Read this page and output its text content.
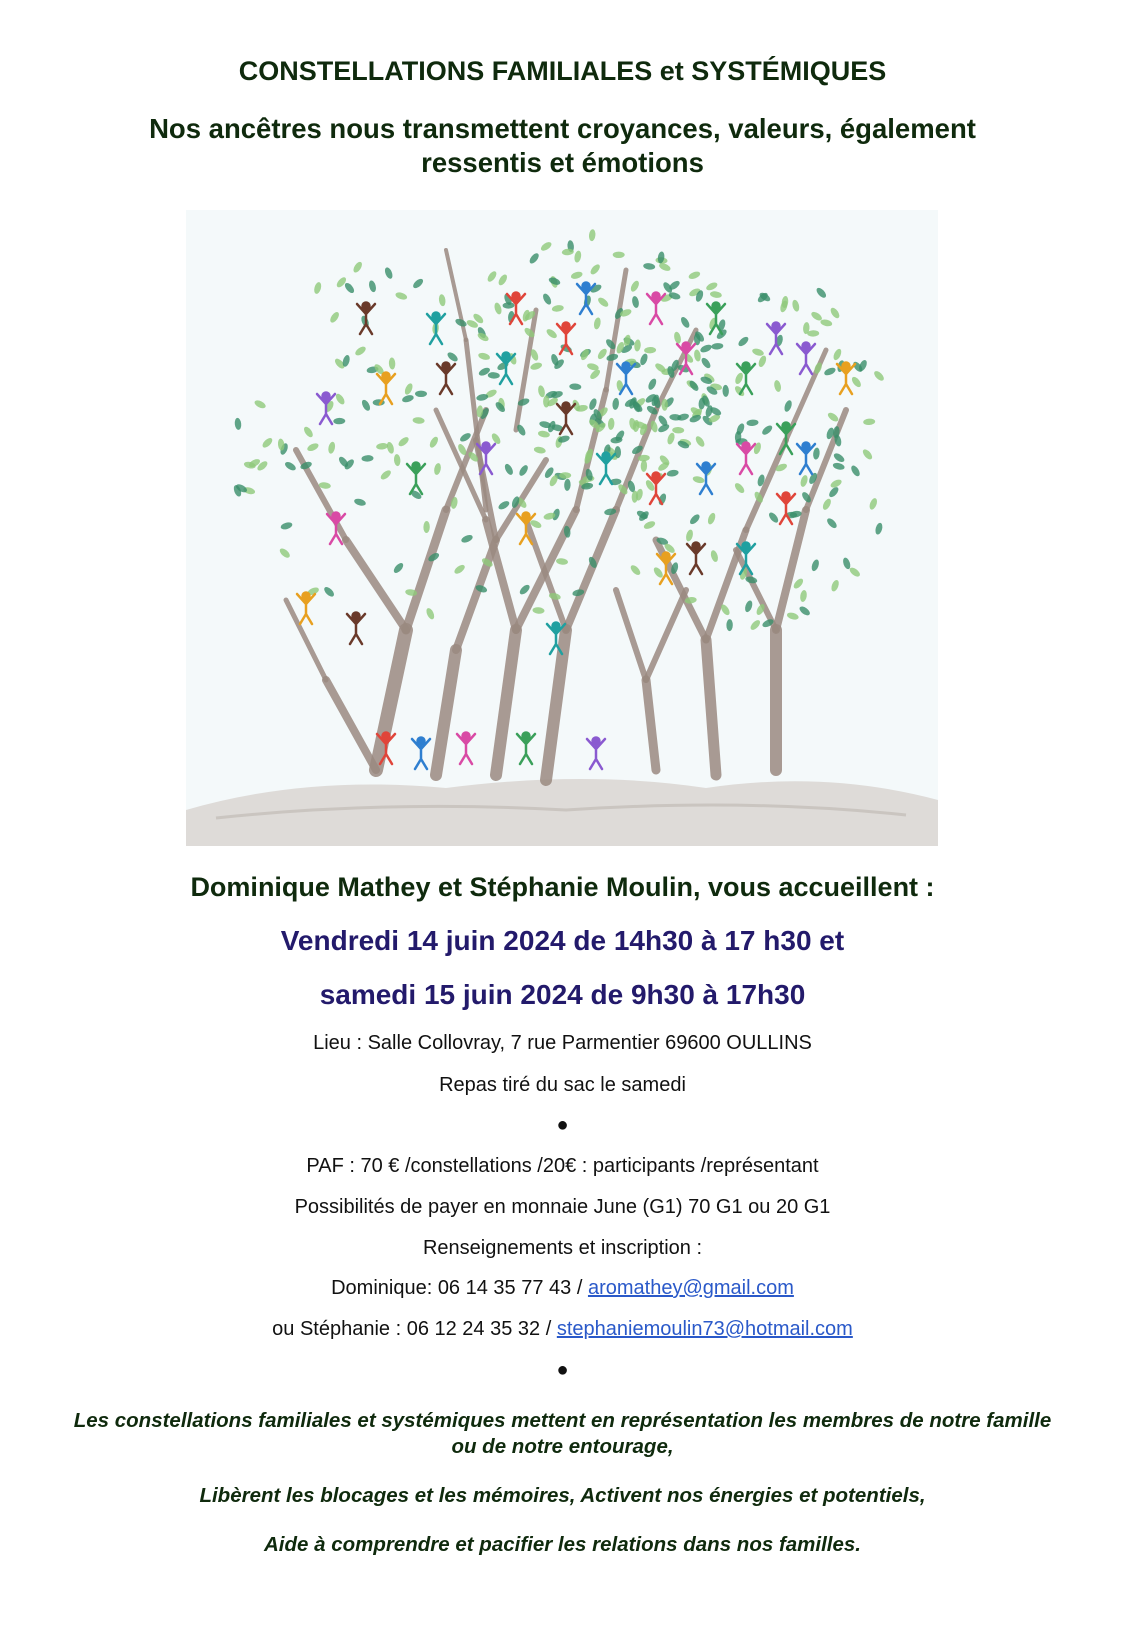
CONSTELLATIONS FAMILIALES et SYSTÉMIQUES
Nos ancêtres nous transmettent croyances, valeurs, également
ressentis et émotions
Dominique Mathey et Stéphanie Moulin, vous accueillent :
Vendredi 14 juin 2024 de 14h30 à 17 h30 et
samedi 15 juin 2024 de 9h30 à 17h30
Lieu : Salle Collovray, 7 rue Parmentier 69600 OULLINS
Repas tiré du sac le samedi
●
PAF : 70 € /constellations /20€ : participants /représentant
Possibilités de payer en monnaie June (G1) 70 G1 ou 20 G1
Renseignements et inscription :
Dominique: 06 14 35 77 43 / aromathey@gmail.com
ou Stéphanie : 06 12 24 35 32 / stephaniemoulin73@hotmail.com
●
Les constellations familiales et systémiques mettent en représentation les membres de notre famille ou de notre entourage,
Libèrent les blocages et les mémoires, Activent nos énergies et potentiels,
Aide à comprendre et pacifier les relations dans nos familles.
